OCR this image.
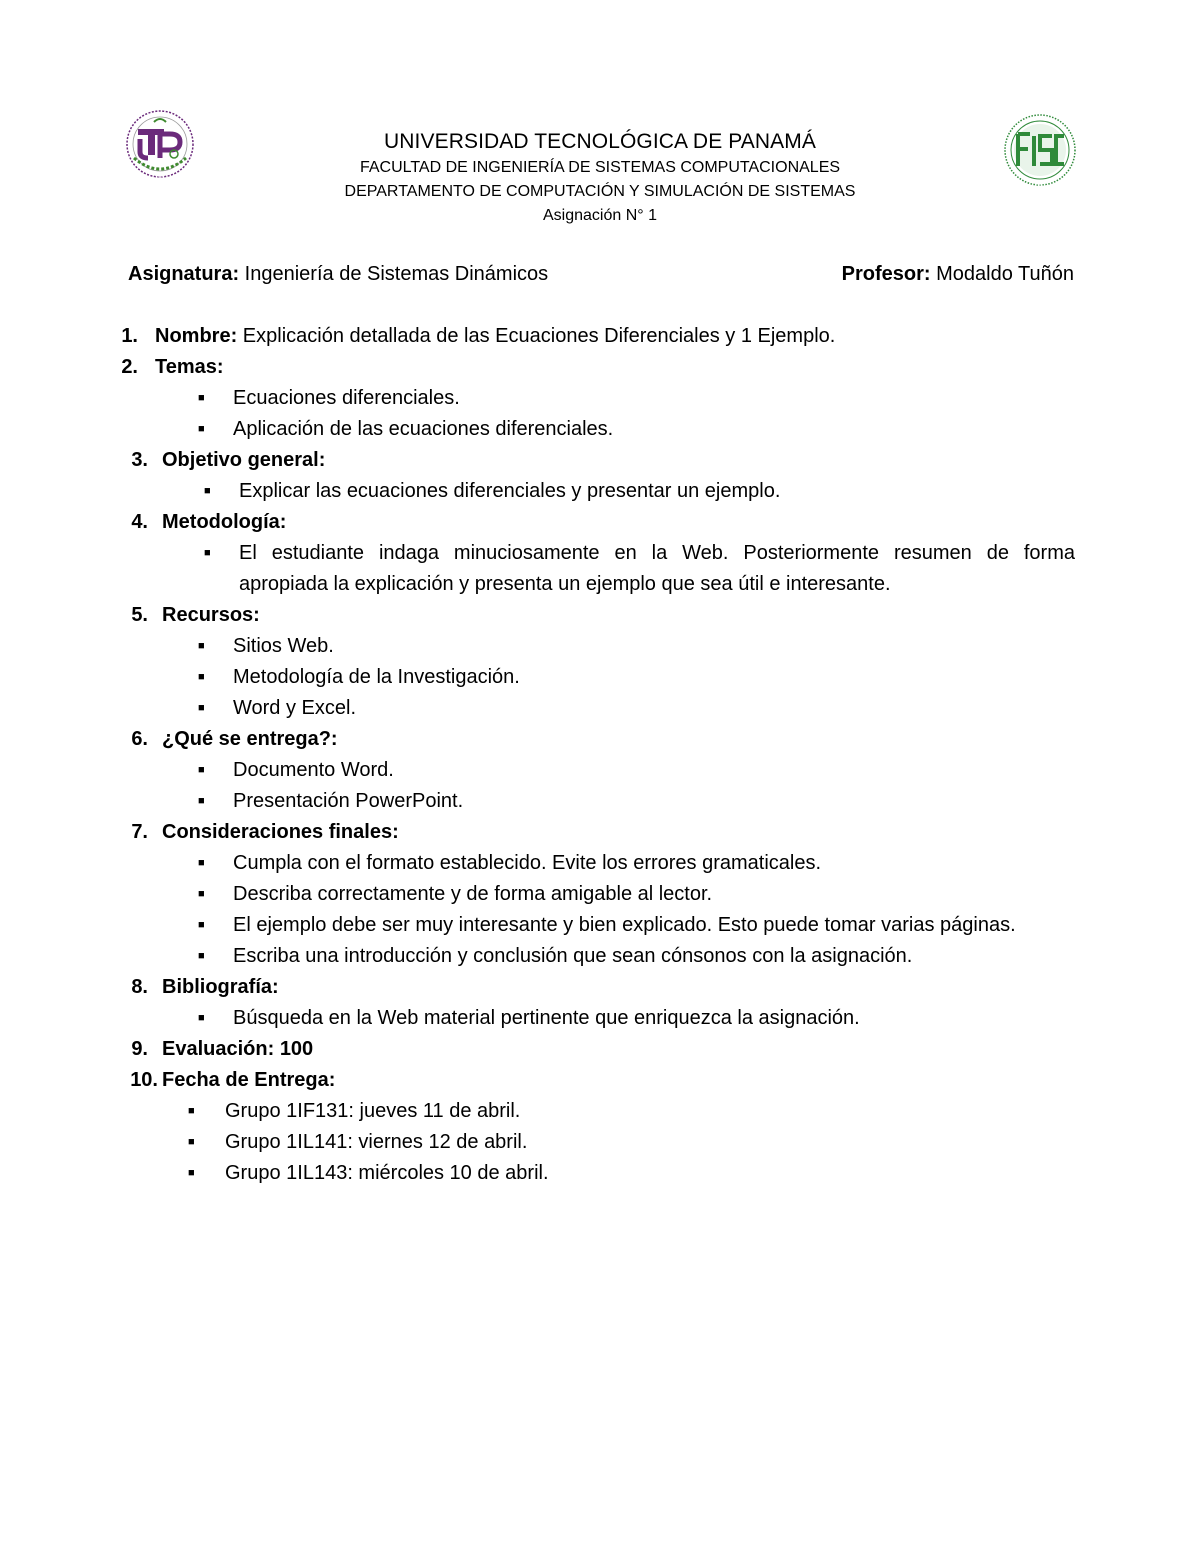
UTP
FISC
UNIVERSIDAD TECNOLÓGICA DE PANAMÁ
FACULTAD DE INGENIERÍA DE SISTEMAS COMPUTACIONALES
DEPARTAMENTO DE COMPUTACIÓN Y SIMULACIÓN DE SISTEMAS
Asignación N° 1
Asignatura: Ingeniería de Sistemas Dinámicos	Profesor: Modaldo Tuñón
1. Nombre: Explicación detallada de las Ecuaciones Diferenciales y 1 Ejemplo.
2. Temas:
■ Ecuaciones diferenciales.
■ Aplicación de las ecuaciones diferenciales.
3. Objetivo general:
■ Explicar las ecuaciones diferenciales y presentar un ejemplo.
4. Metodología:
■ El estudiante indaga minuciosamente en la Web. Posteriormente resumen de forma apropiada la explicación y presenta un ejemplo que sea útil e interesante.
5. Recursos:
■ Sitios Web.
■ Metodología de la Investigación.
■ Word y Excel.
6. ¿Qué se entrega?:
■ Documento Word.
■ Presentación PowerPoint.
7. Consideraciones finales:
■ Cumpla con el formato establecido. Evite los errores gramaticales.
■ Describa correctamente y de forma amigable al lector.
■ El ejemplo debe ser muy interesante y bien explicado. Esto puede tomar varias páginas.
■ Escriba una introducción y conclusión que sean cónsonos con la asignación.
8. Bibliografía:
■ Búsqueda en la Web material pertinente que enriquezca la asignación.
9. Evaluación: 100
10. Fecha de Entrega:
■ Grupo 1IF131: jueves 11 de abril.
■ Grupo 1IL141: viernes 12 de abril.
■ Grupo 1IL143: miércoles 10 de abril.
